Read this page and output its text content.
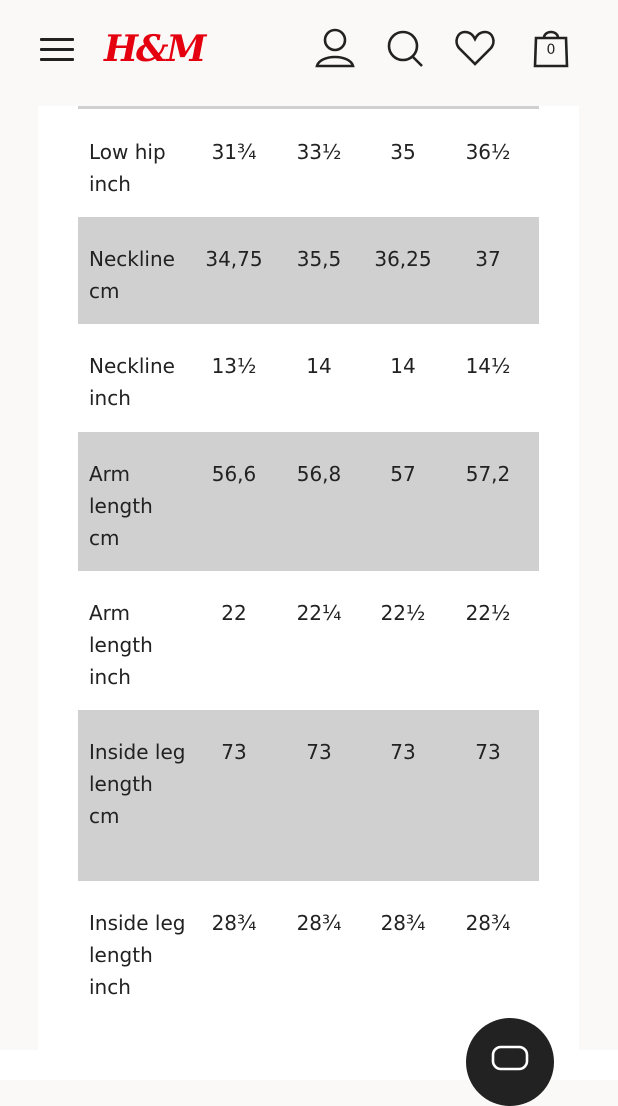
H&M	0
Low hip inch
31¾	33½	35	36½
Neckline cm
34,75	35,5	36,25	37
Neckline inch
13½	14	14	14½
Arm length cm
56,6	56,8	57	57,2
Arm length inch
22	22¼	22½	22½
Inside leg length cm
73	73	73	73
Inside leg length inch
28¾	28¾	28¾	28¾
